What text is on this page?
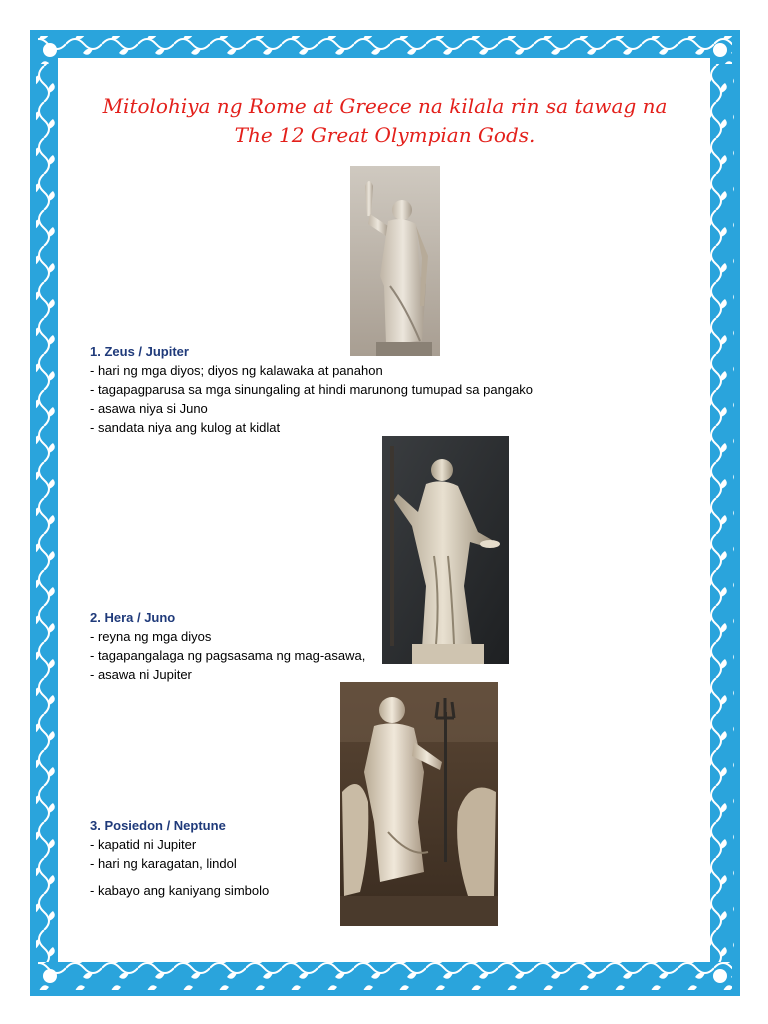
Mitolohiya ng Rome at Greece na kilala rin sa tawag na
The 12 Great Olympian Gods.
1. Zeus / Jupiter
- hari ng mga diyos; diyos ng kalawaka at panahon
- tagapagparusa sa mga sinungaling at hindi marunong tumupad sa pangako
- asawa niya si Juno
- sandata niya ang kulog at kidlat
2. Hera / Juno
- reyna ng mga diyos
- tagapangalaga ng pagsasama ng mag-asawa,
- asawa ni Jupiter
3. Posiedon / Neptune
- kapatid ni Jupiter
- hari ng karagatan, lindol
- kabayo ang kaniyang simbolo
